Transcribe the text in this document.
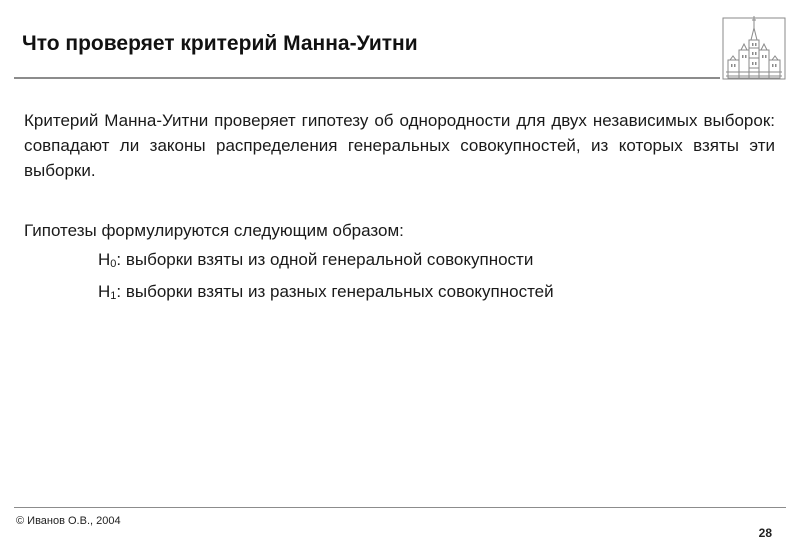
Что проверяет критерий Манна-Уитни
Критерий Манна-Уитни проверяет гипотезу об однородности для двух независимых выборок: совпадают ли законы распределения генеральных совокупностей, из которых взяты эти выборки.
Гипотезы формулируются следующим образом:
$H_0$: выборки взяты из одной генеральной совокупности
$H_1$: выборки взяты из разных генеральных совокупностей
© Иванов О.В., 2004
28
